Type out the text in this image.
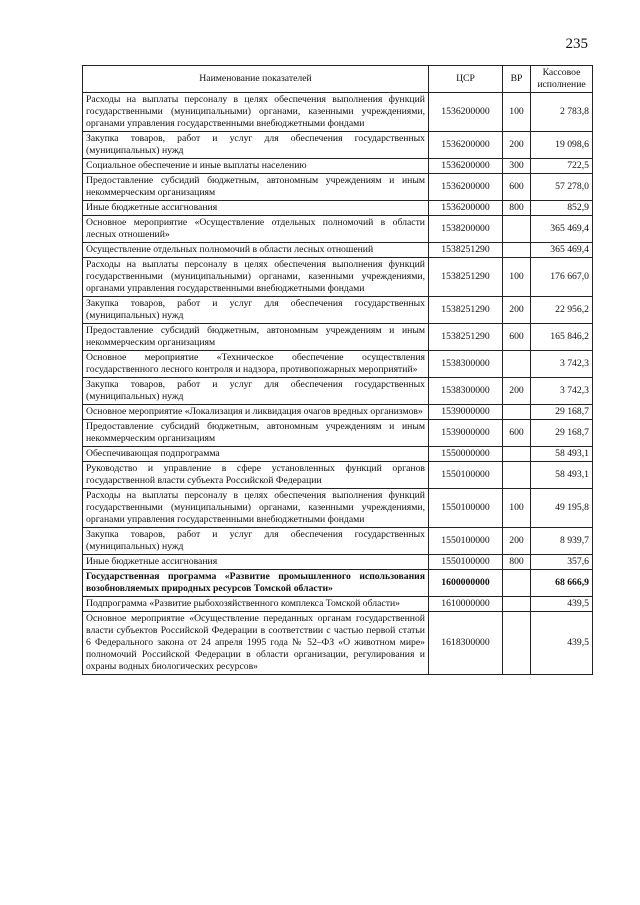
235
Наименование показателей	ЦСР	ВР	Кассовое исполнение
Расходы на выплаты персоналу в целях обеспечения выполнения функций государственными (муниципальными) органами, казенными учреждениями, органами управления государственными внебюджетными фондами	1536200000	100	2 783,8
Закупка товаров, работ и услуг для обеспечения государственных (муниципальных) нужд	1536200000	200	19 098,6
Социальное обеспечение и иные выплаты населению	1536200000	300	722,5
Предоставление субсидий бюджетным, автономным учреждениям и иным некоммерческим организациям	1536200000	600	57 278,0
Иные бюджетные ассигнования	1536200000	800	852,9
Основное мероприятие «Осуществление отдельных полномочий в области лесных отношений»	1538200000		365 469,4
Осуществление отдельных полномочий в области лесных отношений	1538251290		365 469,4
Расходы на выплаты персоналу в целях обеспечения выполнения функций государственными (муниципальными) органами, казенными учреждениями, органами управления государственными внебюджетными фондами	1538251290	100	176 667,0
Закупка товаров, работ и услуг для обеспечения государственных (муниципальных) нужд	1538251290	200	22 956,2
Предоставление субсидий бюджетным, автономным учреждениям и иным некоммерческим организациям	1538251290	600	165 846,2
Основное мероприятие «Техническое обеспечение осуществления государственного лесного контроля и надзора, противопожарных мероприятий»	1538300000		3 742,3
Закупка товаров, работ и услуг для обеспечения государственных (муниципальных) нужд	1538300000	200	3 742,3
Основное мероприятие «Локализация и ликвидация очагов вредных организмов»	1539000000		29 168,7
Предоставление субсидий бюджетным, автономным учреждениям и иным некоммерческим организациям	1539000000	600	29 168,7
Обеспечивающая подпрограмма	1550000000		58 493,1
Руководство и управление в сфере установленных функций органов государственной власти субъекта Российской Федерации	1550100000		58 493,1
Расходы на выплаты персоналу в целях обеспечения выполнения функций государственными (муниципальными) органами, казенными учреждениями, органами управления государственными внебюджетными фондами	1550100000	100	49 195,8
Закупка товаров, работ и услуг для обеспечения государственных (муниципальных) нужд	1550100000	200	8 939,7
Иные бюджетные ассигнования	1550100000	800	357,6
Государственная программа «Развитие промышленного использования возобновляемых природных ресурсов Томской области»	1600000000		68 666,9
Подпрограмма «Развитие рыбохозяйственного комплекса Томской области»	1610000000		439,5
Основное мероприятие «Осуществление переданных органам государственной власти субъектов Российской Федерации в соответствии с частью первой статьи 6 Федерального закона от 24 апреля 1995 года № 52–ФЗ «О животном мире» полномочий Российской Федерации в области организации, регулирования и охраны водных биологических ресурсов»	1618300000		439,5
